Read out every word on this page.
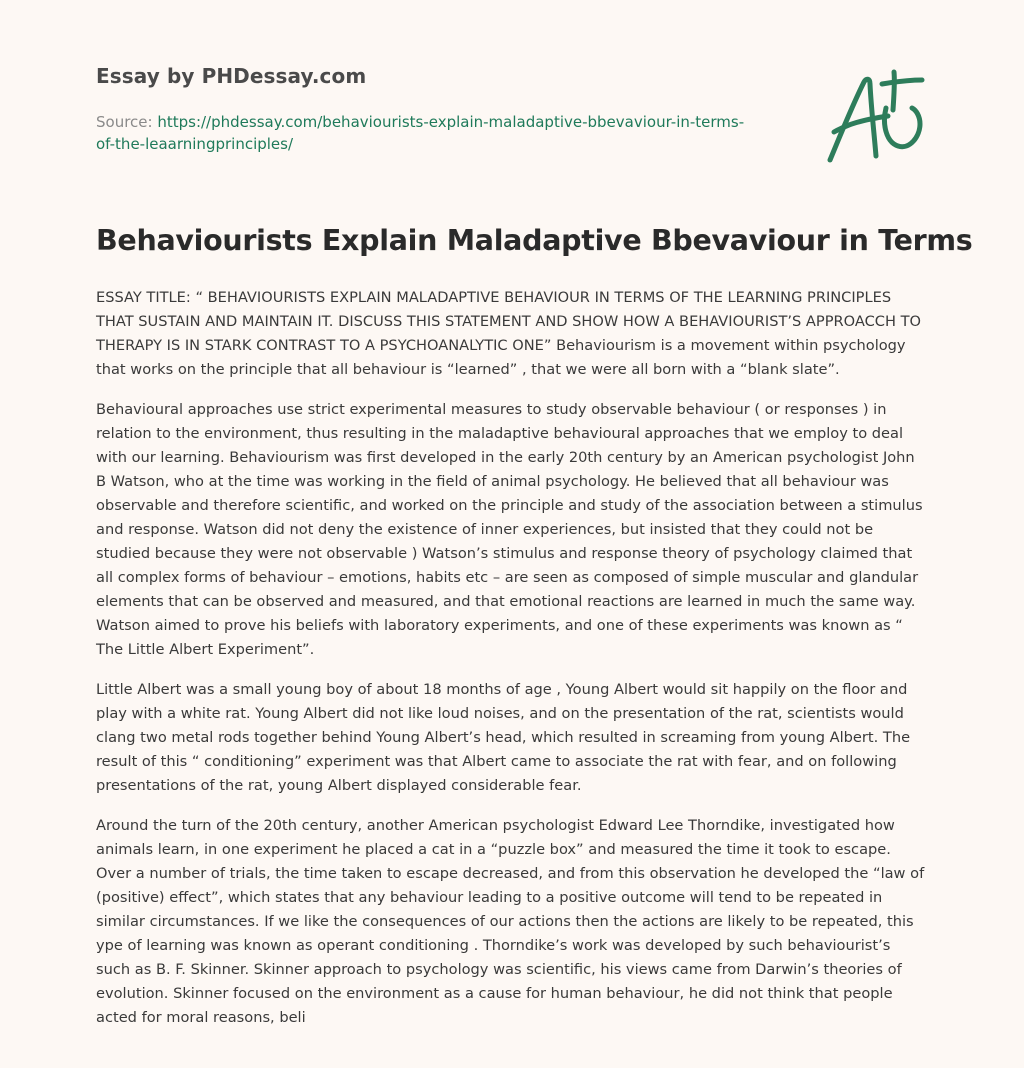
Essay by PHDessay.com
Source: https://phdessay.com/behaviourists-explain-maladaptive-bbevaviour-in-terms-of-the-leaarningprinciples/
Behaviourists Explain Maladaptive Bbevaviour in Terms

ESSAY TITLE: “ BEHAVIOURISTS EXPLAIN MALADAPTIVE BEHAVIOUR IN TERMS OF THE LEARNING PRINCIPLES THAT SUSTAIN AND MAINTAIN IT. DISCUSS THIS STATEMENT AND SHOW HOW A BEHAVIOURIST’S APPROACCH TO THERAPY IS IN STARK CONTRAST TO A PSYCHOANALYTIC ONE” Behaviourism is a movement within psychology that works on the principle that all behaviour is “learned” , that we were all born with a “blank slate”.

Behavioural approaches use strict experimental measures to study observable behaviour ( or responses ) in relation to the environment, thus resulting in the maladaptive behavioural approaches that we employ to deal with our learning. Behaviourism was first developed in the early 20th century by an American psychologist John B Watson, who at the time was working in the field of animal psychology. He believed that all behaviour was observable and therefore scientific, and worked on the principle and study of the association between a stimulus and response. Watson did not deny the existence of inner experiences, but insisted that they could not be studied because they were not observable ) Watson’s stimulus and response theory of psychology claimed that all complex forms of behaviour – emotions, habits etc – are seen as composed of simple muscular and glandular elements that can be observed and measured, and that emotional reactions are learned in much the same way. Watson aimed to prove his beliefs with laboratory experiments, and one of these experiments was known as “ The Little Albert Experiment”.

Little Albert was a small young boy of about 18 months of age , Young Albert would sit happily on the floor and play with a white rat. Young Albert did not like loud noises, and on the presentation of the rat, scientists would clang two metal rods together behind Young Albert’s head, which resulted in screaming from young Albert. The result of this “ conditioning” experiment was that Albert came to associate the rat with fear, and on following presentations of the rat, young Albert displayed considerable fear.

Around the turn of the 20th century, another American psychologist Edward Lee Thorndike, investigated how animals learn, in one experiment he placed a cat in a “puzzle box” and measured the time it took to escape. Over a number of trials, the time taken to escape decreased, and from this observation he developed the “law of (positive) effect”, which states that any behaviour leading to a positive outcome will tend to be repeated in similar circumstances. If we like the consequences of our actions then the actions are likely to be repeated, this ype of learning was known as operant conditioning . Thorndike’s work was developed by such behaviourist’s such as B. F. Skinner. Skinner approach to psychology was scientific, his views came from Darwin’s theories of evolution. Skinner focused on the environment as a cause for human behaviour, he did not think that people acted for moral reasons, beli
